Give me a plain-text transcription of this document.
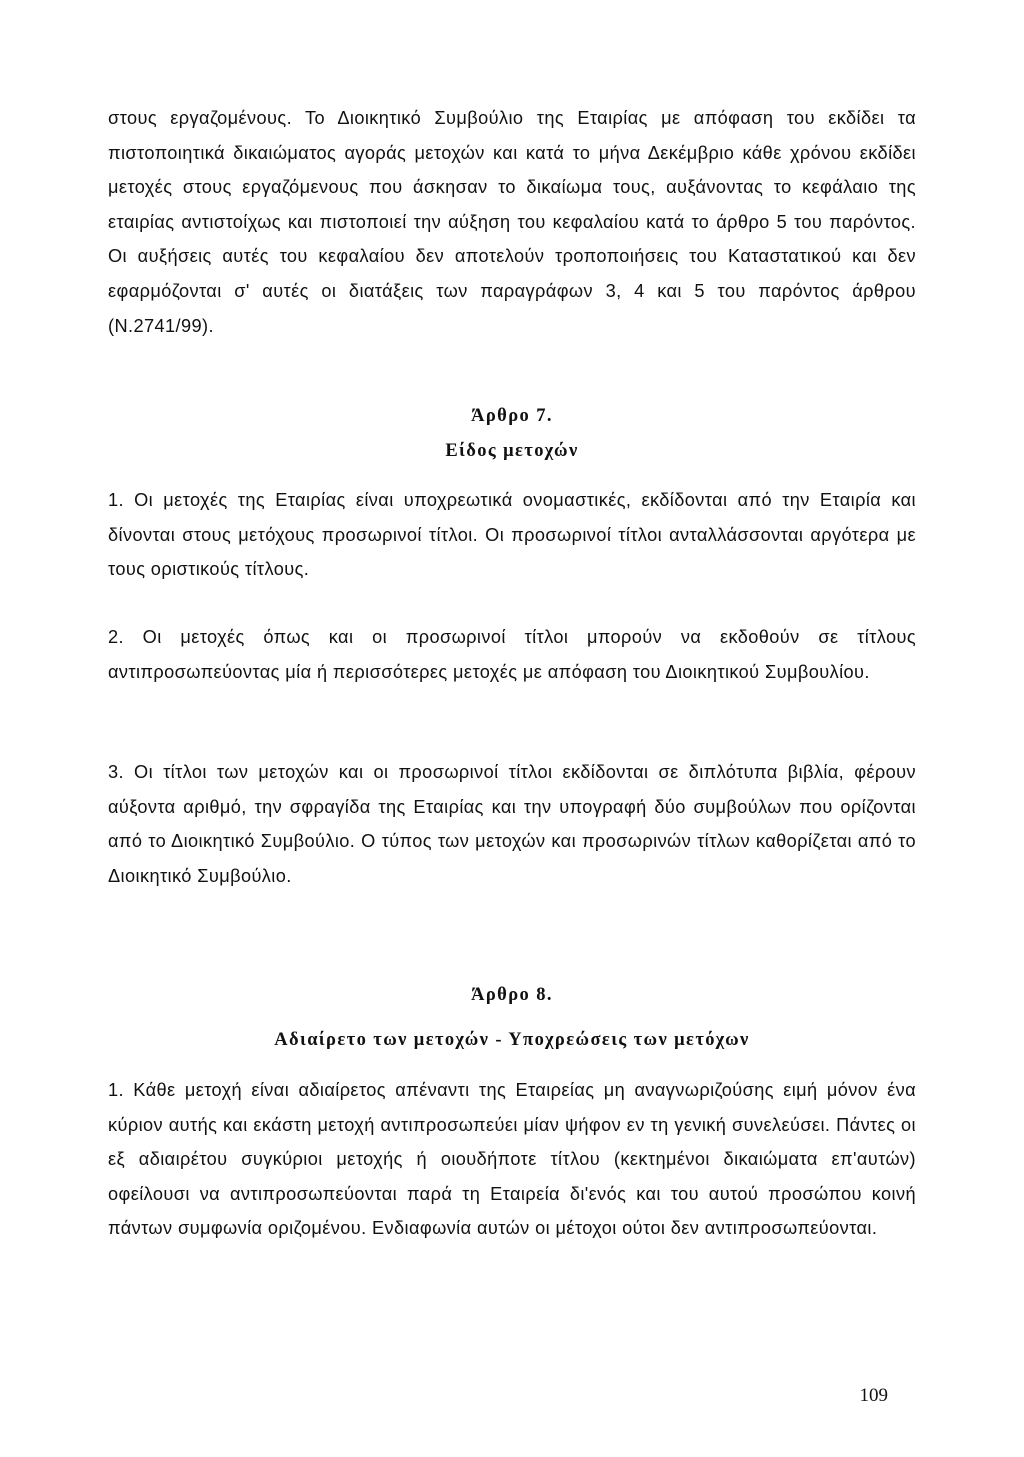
στους εργαζομένους. Το Διοικητικό Συμβούλιο της Εταιρίας με απόφαση του εκδίδει τα πιστοποιητικά δικαιώματος αγοράς μετοχών και κατά το μήνα Δεκέμβριο κάθε χρόνου εκδίδει μετοχές στους εργαζόμενους που άσκησαν το δικαίωμα τους, αυξάνοντας το κεφάλαιο της εταιρίας αντιστοίχως και πιστοποιεί την αύξηση του κεφαλαίου κατά το άρθρο 5 του παρόντος. Οι αυξήσεις αυτές του κεφαλαίου δεν αποτελούν τροποποιήσεις του Καταστατικού και δεν εφαρμόζονται σ' αυτές οι διατάξεις των παραγράφων 3, 4 και 5 του παρόντος άρθρου (Ν.2741/99).

Άρθρο 7.
Είδος μετοχών

1. Οι μετοχές της Εταιρίας είναι υποχρεωτικά ονομαστικές, εκδίδονται από την Εταιρία και δίνονται στους μετόχους προσωρινοί τίτλοι. Οι προσωρινοί τίτλοι ανταλλάσσονται αργότερα με τους οριστικούς τίτλους.

2. Οι μετοχές όπως και οι προσωρινοί τίτλοι μπορούν να εκδοθούν σε τίτλους αντιπροσωπεύοντας μία ή περισσότερες μετοχές με απόφαση του Διοικητικού Συμβουλίου.

3. Οι τίτλοι των μετοχών και οι προσωρινοί τίτλοι εκδίδονται σε διπλότυπα βιβλία, φέρουν αύξοντα αριθμό, την σφραγίδα της Εταιρίας και την υπογραφή δύο συμβούλων που ορίζονται από το Διοικητικό Συμβούλιο. Ο τύπος των μετοχών και προσωρινών τίτλων καθορίζεται από το Διοικητικό Συμβούλιο.

Άρθρο 8.
Αδιαίρετο των μετοχών - Υποχρεώσεις των μετόχων

1. Κάθε μετοχή είναι αδιαίρετος απέναντι της Εταιρείας μη αναγνωριζούσης ειμή μόνον ένα κύριον αυτής και εκάστη μετοχή αντιπροσωπεύει μίαν ψήφον εν τη γενική συνελεύσει. Πάντες οι εξ αδιαιρέτου συγκύριοι μετοχής ή οιουδήποτε τίτλου (κεκτημένοι δικαιώματα επ'αυτών) οφείλουσι να αντιπροσωπεύονται παρά τη Εταιρεία δι'ενός και του αυτού προσώπου κοινή πάντων συμφωνία οριζομένου. Ενδιαφωνία αυτών οι μέτοχοι ούτοι δεν αντιπροσωπεύονται.

109
